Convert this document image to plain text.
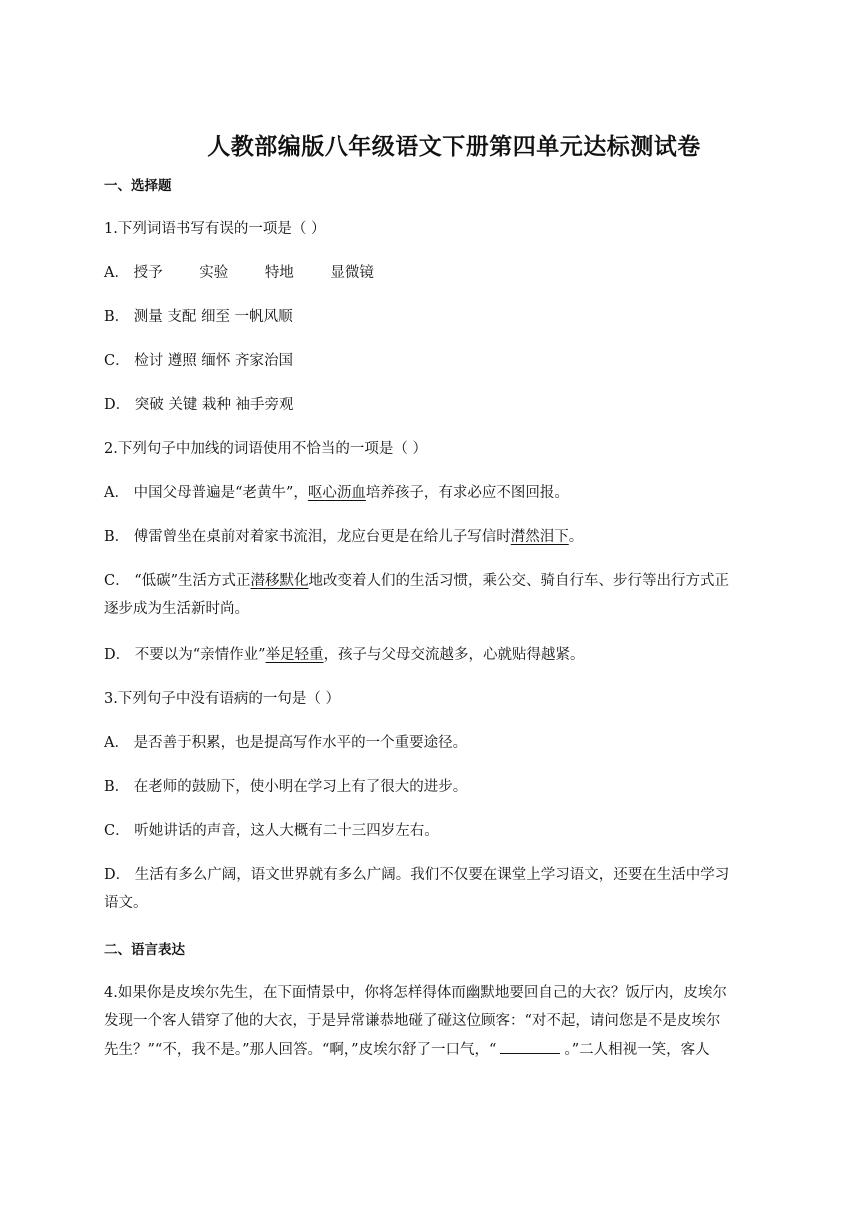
人教部编版八年级语文下册第四单元达标测试卷
一、选择题
1.下列词语书写有误的一项是（ ）
A． 授予	实验	特地	显微镜
B． 测量 支配 细至 一帆风顺
C． 检讨 遵照 缅怀 齐家治国
D． 突破 关键 栽种 袖手旁观
2.下列句子中加线的词语使用不恰当的一项是（ ）
A． 中国父母普遍是“老黄牛”，呕心沥血培养孩子，有求必应不图回报。
B． 傅雷曾坐在桌前对着家书流泪，龙应台更是在给儿子写信时潸然泪下。
C． “低碳”生活方式正潜移默化地改变着人们的生活习惯，乘公交、骑自行车、步行等出行方式正
逐步成为生活新时尚。
D． 不要以为“亲情作业”举足轻重，孩子与父母交流越多，心就贴得越紧。
3.下列句子中没有语病的一句是（ ）
A． 是否善于积累，也是提高写作水平的一个重要途径。
B． 在老师的鼓励下，使小明在学习上有了很大的进步。
C． 听她讲话的声音，这人大概有二十三四岁左右。
D． 生活有多么广阔，语文世界就有多么广阔。我们不仅要在课堂上学习语文，还要在生活中学习
语文。
二、语言表达
4.如果你是皮埃尔先生，在下面情景中，你将怎样得体而幽默地要回自己的大衣？饭厅内，皮埃尔
发现一个客人错穿了他的大衣，于是异常谦恭地碰了碰这位顾客：“对不起，请问您是不是皮埃尔
先生？”“不，我不是。”那人回答。“啊，”皮埃尔舒了一口气，“	。”二人相视一笑，客人
